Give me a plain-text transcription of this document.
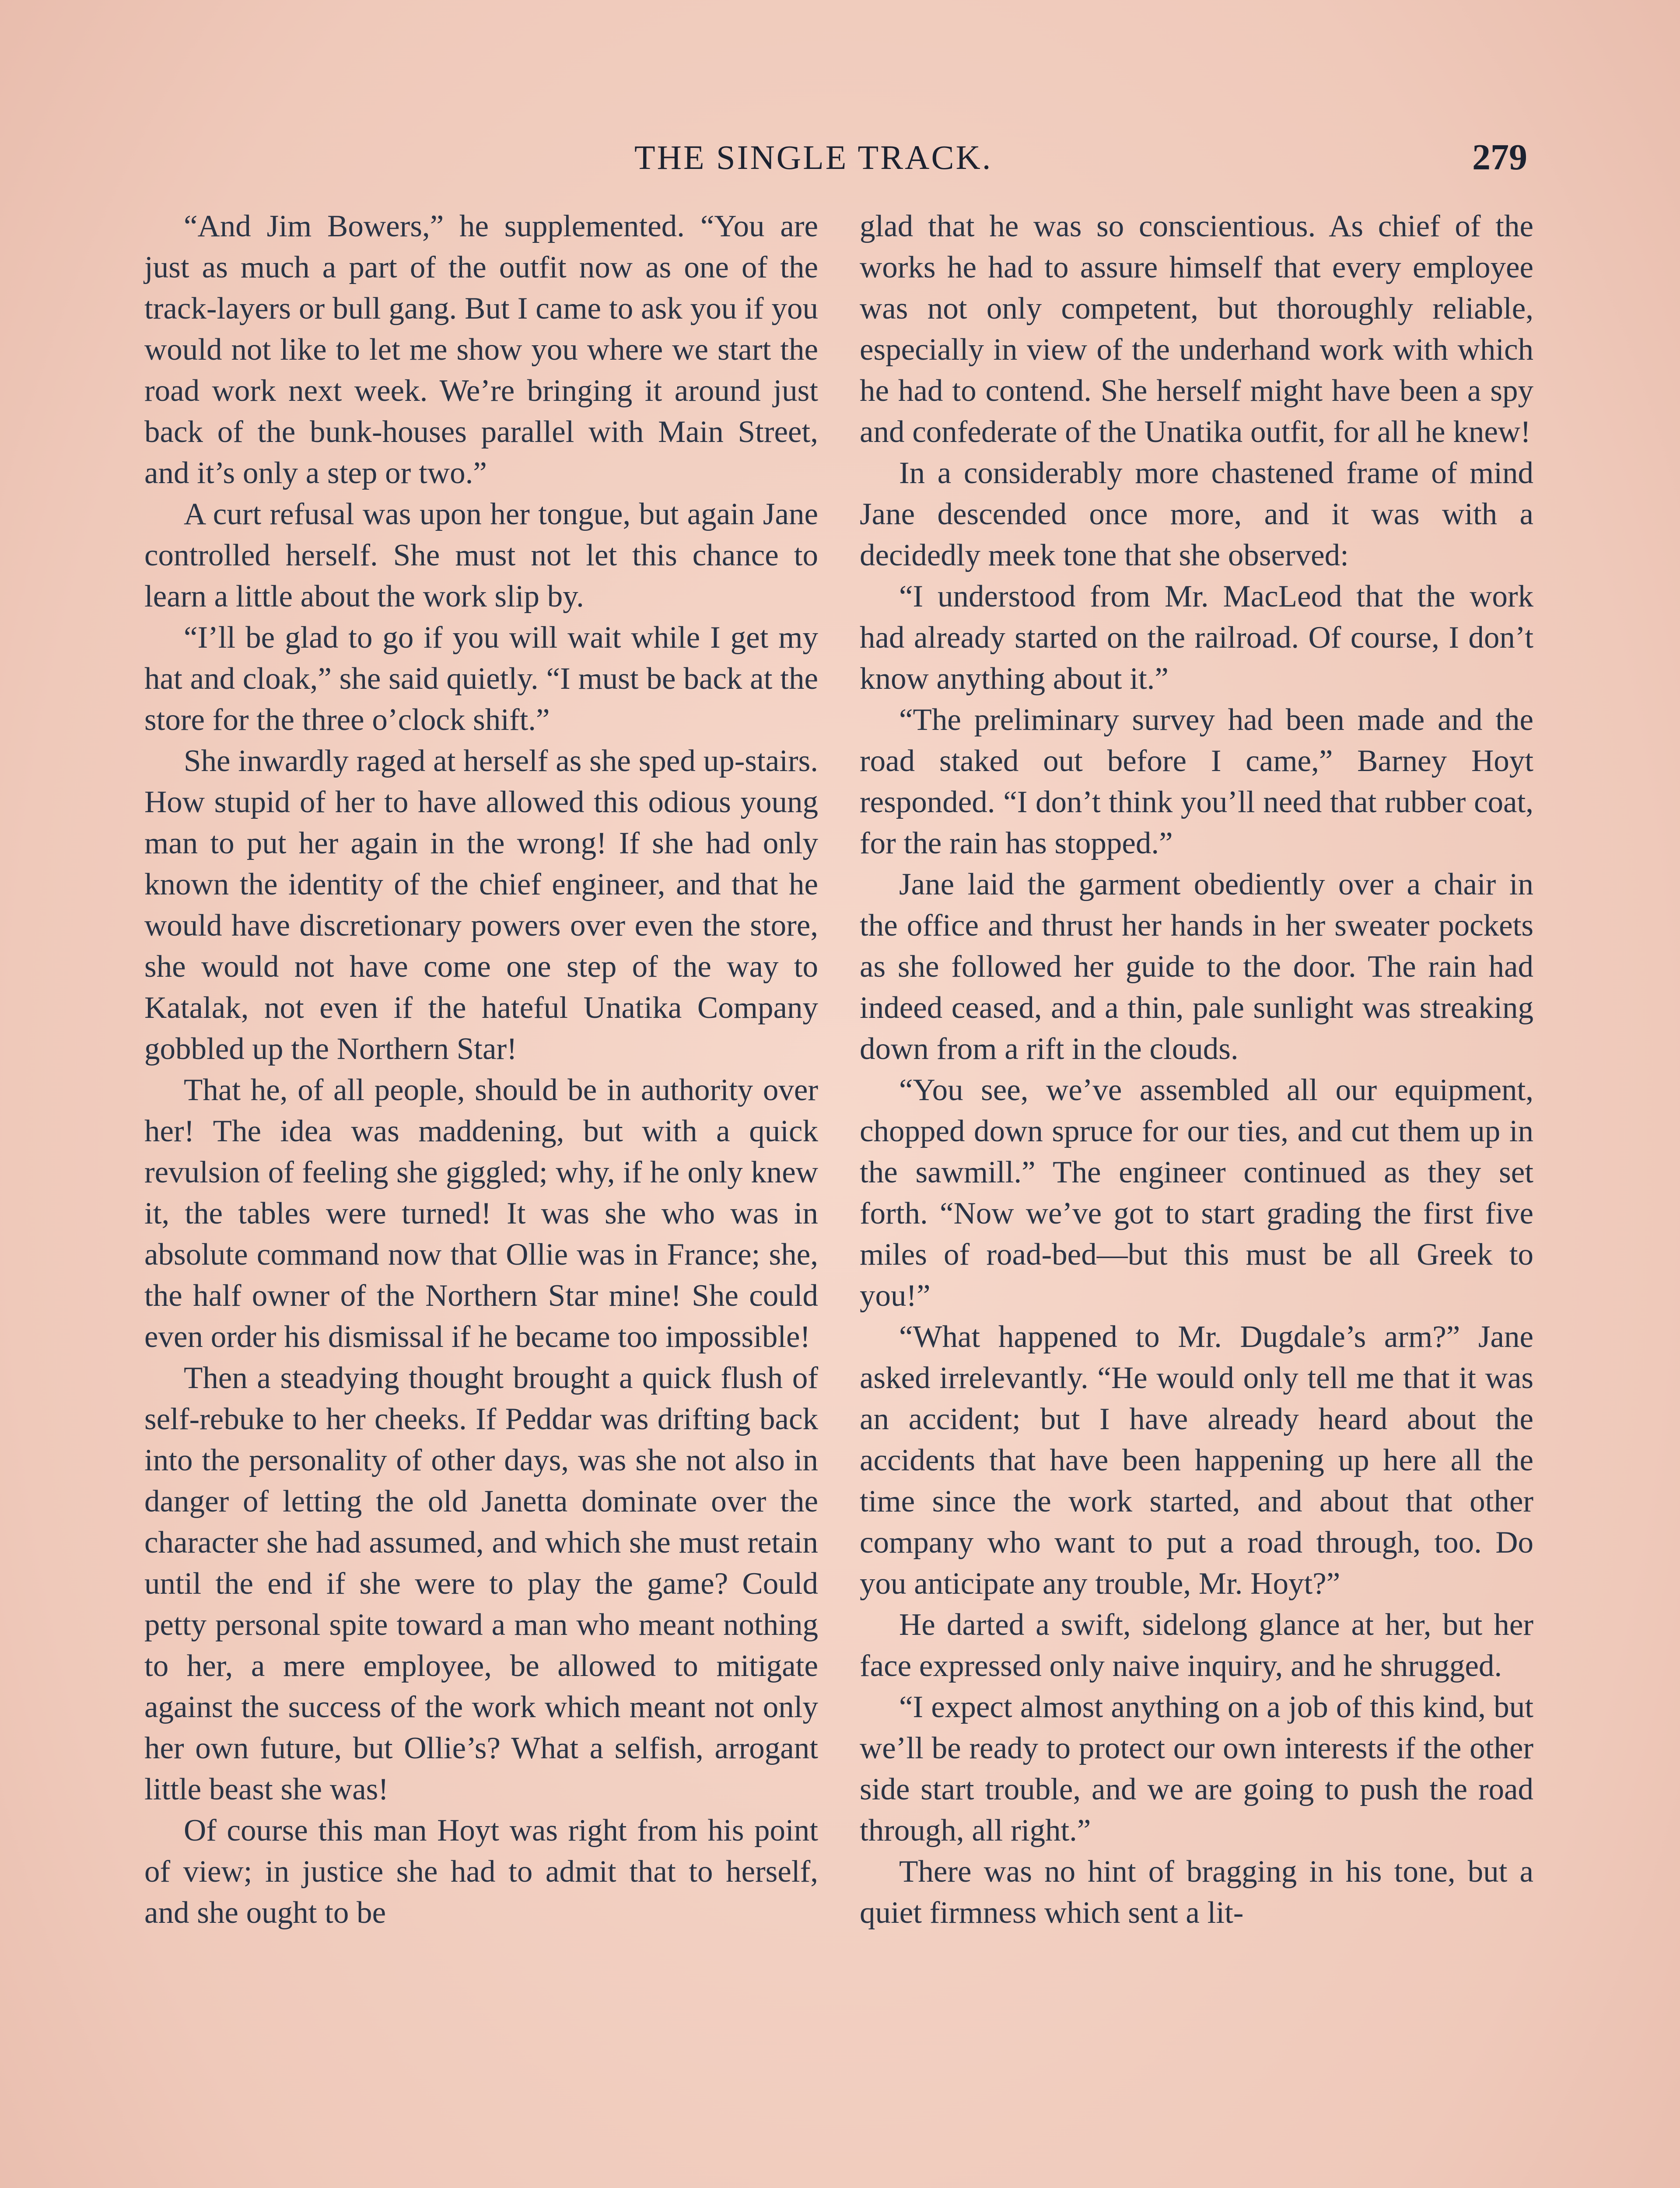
THE SINGLE TRACK.	279

“And Jim Bowers,” he supplemented. “You are just as much a part of the outfit now as one of the track-layers or bull gang. But I came to ask you if you would not like to let me show you where we start the road work next week. We’re bringing it around just back of the bunk-houses parallel with Main Street, and it’s only a step or two.”

A curt refusal was upon her tongue, but again Jane controlled herself. She must not let this chance to learn a little about the work slip by.

“I’ll be glad to go if you will wait while I get my hat and cloak,” she said quietly. “I must be back at the store for the three o’clock shift.”

She inwardly raged at herself as she sped up-stairs. How stupid of her to have allowed this odious young man to put her again in the wrong! If she had only known the identity of the chief engineer, and that he would have discretionary powers over even the store, she would not have come one step of the way to Katalak, not even if the hateful Unatika Company gobbled up the Northern Star!

That he, of all people, should be in authority over her! The idea was maddening, but with a quick revulsion of feeling she giggled; why, if he only knew it, the tables were turned! It was she who was in absolute command now that Ollie was in France; she, the half owner of the Northern Star mine! She could even order his dismissal if he became too impossible!

Then a steadying thought brought a quick flush of self-rebuke to her cheeks. If Peddar was drifting back into the personality of other days, was she not also in danger of letting the old Janetta dominate over the character she had assumed, and which she must retain until the end if she were to play the game? Could petty personal spite toward a man who meant nothing to her, a mere employee, be allowed to mitigate against the success of the work which meant not only her own future, but Ollie’s? What a selfish, arrogant little beast she was!

Of course this man Hoyt was right from his point of view; in justice she had to admit that to herself, and she ought to be

glad that he was so conscientious. As chief of the works he had to assure himself that every employee was not only competent, but thoroughly reliable, especially in view of the underhand work with which he had to contend. She herself might have been a spy and confederate of the Unatika outfit, for all he knew!

In a considerably more chastened frame of mind Jane descended once more, and it was with a decidedly meek tone that she observed:

“I understood from Mr. MacLeod that the work had already started on the railroad. Of course, I don’t know anything about it.”

“The preliminary survey had been made and the road staked out before I came,” Barney Hoyt responded. “I don’t think you’ll need that rubber coat, for the rain has stopped.”

Jane laid the garment obediently over a chair in the office and thrust her hands in her sweater pockets as she followed her guide to the door. The rain had indeed ceased, and a thin, pale sunlight was streaking down from a rift in the clouds.

“You see, we’ve assembled all our equipment, chopped down spruce for our ties, and cut them up in the sawmill.” The engineer continued as they set forth. “Now we’ve got to start grading the first five miles of road-bed—but this must be all Greek to you!”

“What happened to Mr. Dugdale’s arm?” Jane asked irrelevantly. “He would only tell me that it was an accident; but I have already heard about the accidents that have been happening up here all the time since the work started, and about that other company who want to put a road through, too. Do you anticipate any trouble, Mr. Hoyt?”

He darted a swift, sidelong glance at her, but her face expressed only naive inquiry, and he shrugged.

“I expect almost anything on a job of this kind, but we’ll be ready to protect our own interests if the other side start trouble, and we are going to push the road through, all right.”

There was no hint of bragging in his tone, but a quiet firmness which sent a lit-
